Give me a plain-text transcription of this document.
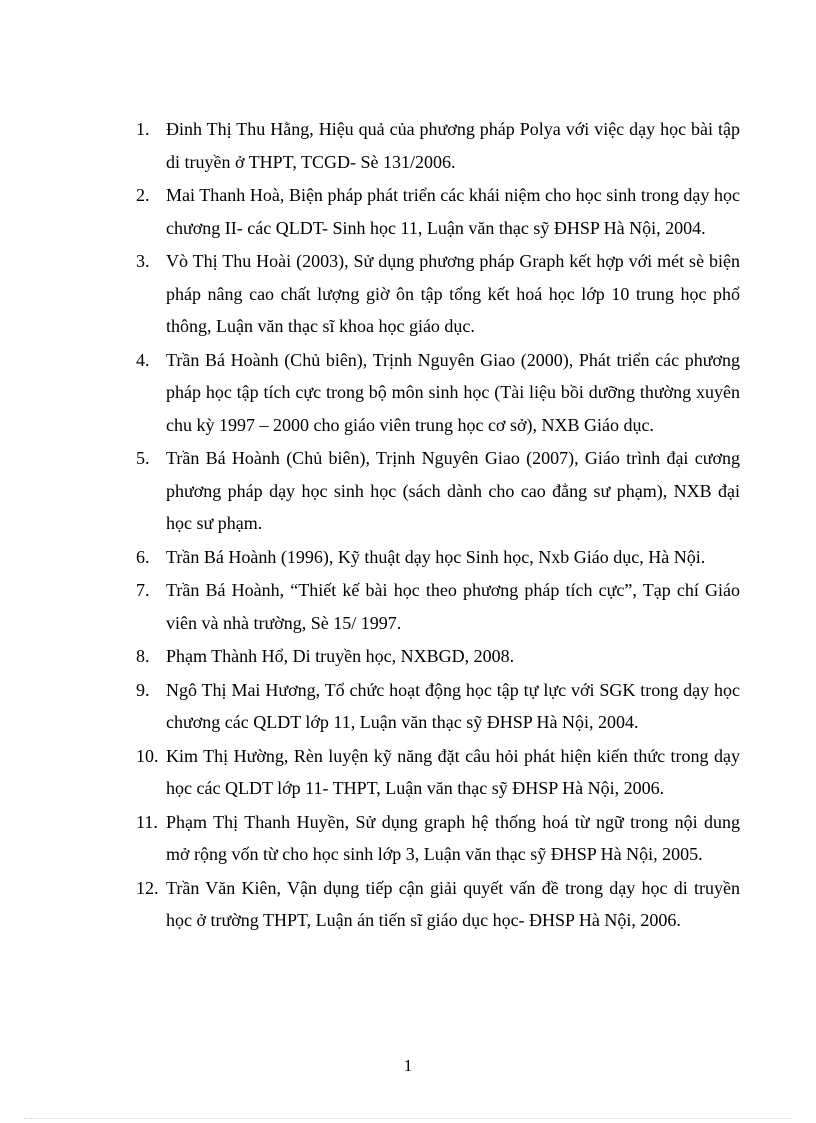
1. Đinh Thị Thu Hằng, Hiệu quả của phương pháp Polya với việc dạy học bài tập di truyền ở THPT, TCGD- Sè 131/2006.
2. Mai Thanh Hoà, Biện pháp phát triển các khái niệm cho học sinh trong dạy học chương II- các QLDT- Sinh học 11, Luận văn thạc sỹ ĐHSP Hà Nội, 2004.
3. Vò Thị Thu Hoài (2003), Sử dụng phương pháp Graph kết hợp với mét sè biện pháp nâng cao chất lượng giờ ôn tập tổng kết hoá học lớp 10 trung học phổ thông, Luận văn thạc sĩ khoa học giáo dục.
4. Trần Bá Hoành (Chủ biên), Trịnh Nguyên Giao (2000), Phát triển các phương pháp học tập tích cực trong bộ môn sinh học (Tài liệu bồi dưỡng thường xuyên chu kỳ 1997 – 2000 cho giáo viên trung học cơ sở), NXB Giáo dục.
5. Trần Bá Hoành (Chủ biên), Trịnh Nguyên Giao (2007), Giáo trình đại cương phương pháp dạy học sinh học (sách dành cho cao đẳng sư phạm), NXB đại học sư phạm.
6. Trần Bá Hoành (1996), Kỹ thuật dạy học Sinh học, Nxb Giáo dục, Hà Nội.
7. Trần Bá Hoành, “Thiết kế bài học theo phương pháp tích cực”, Tạp chí Giáo viên và nhà trường, Sè 15/ 1997.
8. Phạm Thành Hổ, Di truyền học, NXBGD, 2008.
9. Ngô Thị Mai Hương, Tổ chức hoạt động học tập tự lực với SGK trong dạy học chương các QLDT lớp 11, Luận văn thạc sỹ ĐHSP Hà Nội, 2004.
10. Kim Thị Hường, Rèn luyện kỹ năng đặt câu hỏi phát hiện kiến thức trong dạy học các QLDT lớp 11- THPT, Luận văn thạc sỹ ĐHSP Hà Nội, 2006.
11. Phạm Thị Thanh Huyền, Sử dụng graph hệ thống hoá từ ngữ trong nội dung mở rộng vốn từ cho học sinh lớp 3, Luận văn thạc sỹ ĐHSP Hà Nội, 2005.
12. Trần Văn Kiên, Vận dụng tiếp cận giải quyết vấn đề trong dạy học di truyền học ở trường THPT, Luận án tiến sĩ giáo dục học- ĐHSP Hà Nội, 2006.
1
